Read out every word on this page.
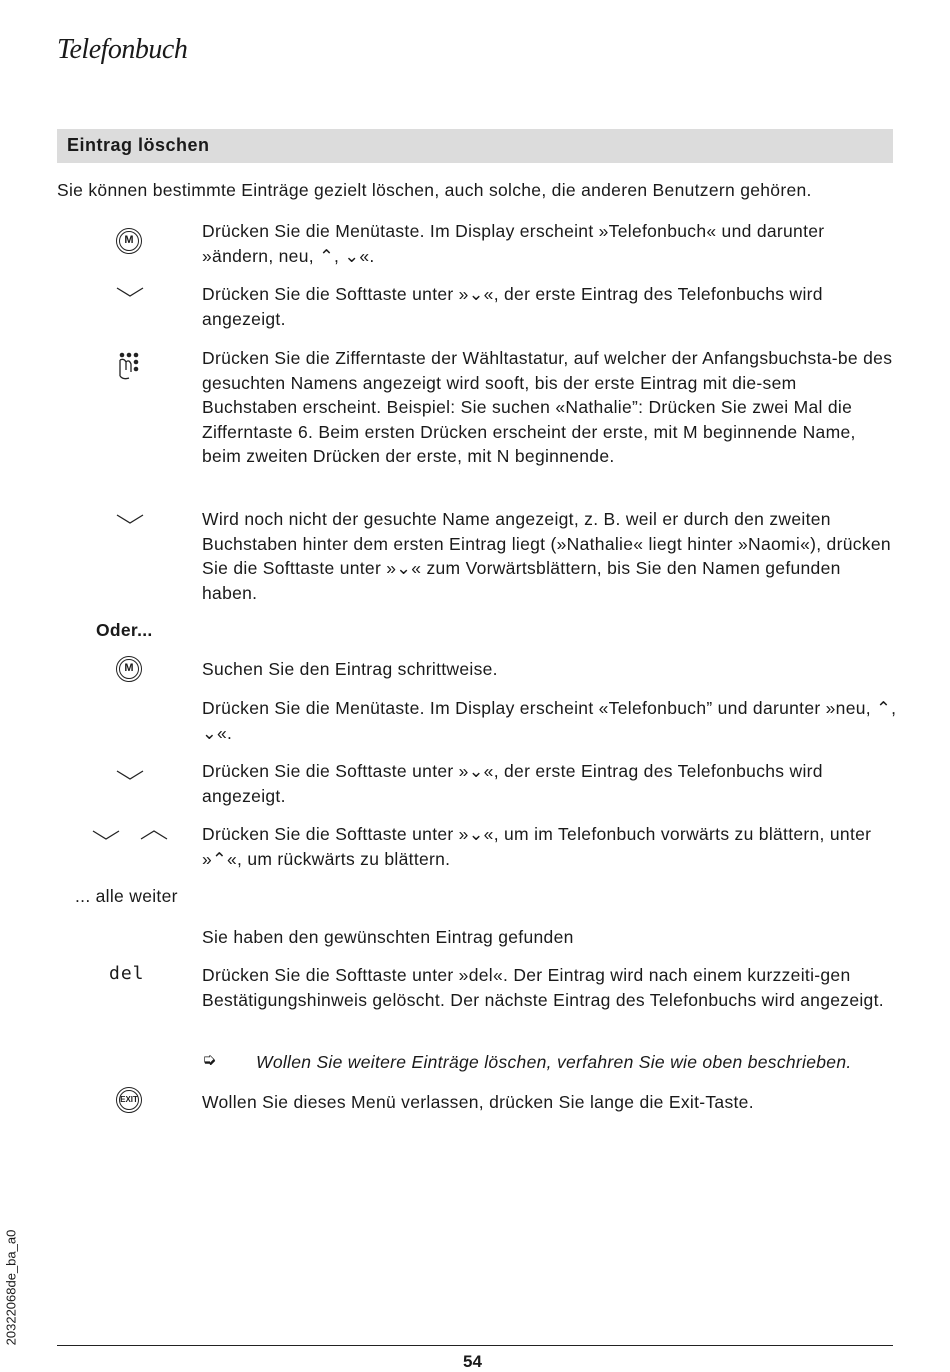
Telefonbuch
Eintrag löschen
Sie können bestimmte Einträge gezielt löschen, auch solche, die anderen Benutzern gehören.
M	Drücken Sie die Menütaste. Im Display erscheint »Telefonbuch« und darunter »ändern, neu, ⌃, ⌄«.
Drücken Sie die Softtaste unter »⌄«, der erste Eintrag des Telefonbuchs wird angezeigt.
Drücken Sie die Zifferntaste der Wähltastatur, auf welcher der Anfangsbuchsta-be des gesuchten Namens angezeigt wird sooft, bis der erste Eintrag mit die-sem Buchstaben erscheint. Beispiel: Sie suchen «Nathalie”: Drücken Sie zwei Mal die Zifferntaste 6. Beim ersten Drücken erscheint der erste, mit M beginnende Name, beim zweiten Drücken der erste, mit N beginnende.
Wird noch nicht der gesuchte Name angezeigt, z. B. weil er durch den zweiten Buchstaben hinter dem ersten Eintrag liegt (»Nathalie« liegt hinter »Naomi«), drücken Sie die Softtaste unter »⌄« zum Vorwärtsblättern, bis Sie den Namen gefunden haben.
Oder...
M	Suchen Sie den Eintrag schrittweise.
Drücken Sie die Menütaste. Im Display erscheint «Telefonbuch” und darunter »neu, ⌃, ⌄«.
Drücken Sie die Softtaste unter »⌄«, der erste Eintrag des Telefonbuchs wird angezeigt.
Drücken Sie die Softtaste unter »⌄«, um im Telefonbuch vorwärts zu blättern, unter »⌃«, um rückwärts zu blättern.
... alle weiter
Sie haben den gewünschten Eintrag gefunden
del	Drücken Sie die Softtaste unter »del«. Der Eintrag wird nach einem kurzzeiti-gen Bestätigungshinweis gelöscht. Der nächste Eintrag des Telefonbuchs wird angezeigt.
➭ Wollen Sie weitere Einträge löschen, verfahren Sie wie oben beschrieben.
EXIT	Wollen Sie dieses Menü verlassen, drücken Sie lange die Exit-Taste.
20322068de_ba_a0
54
